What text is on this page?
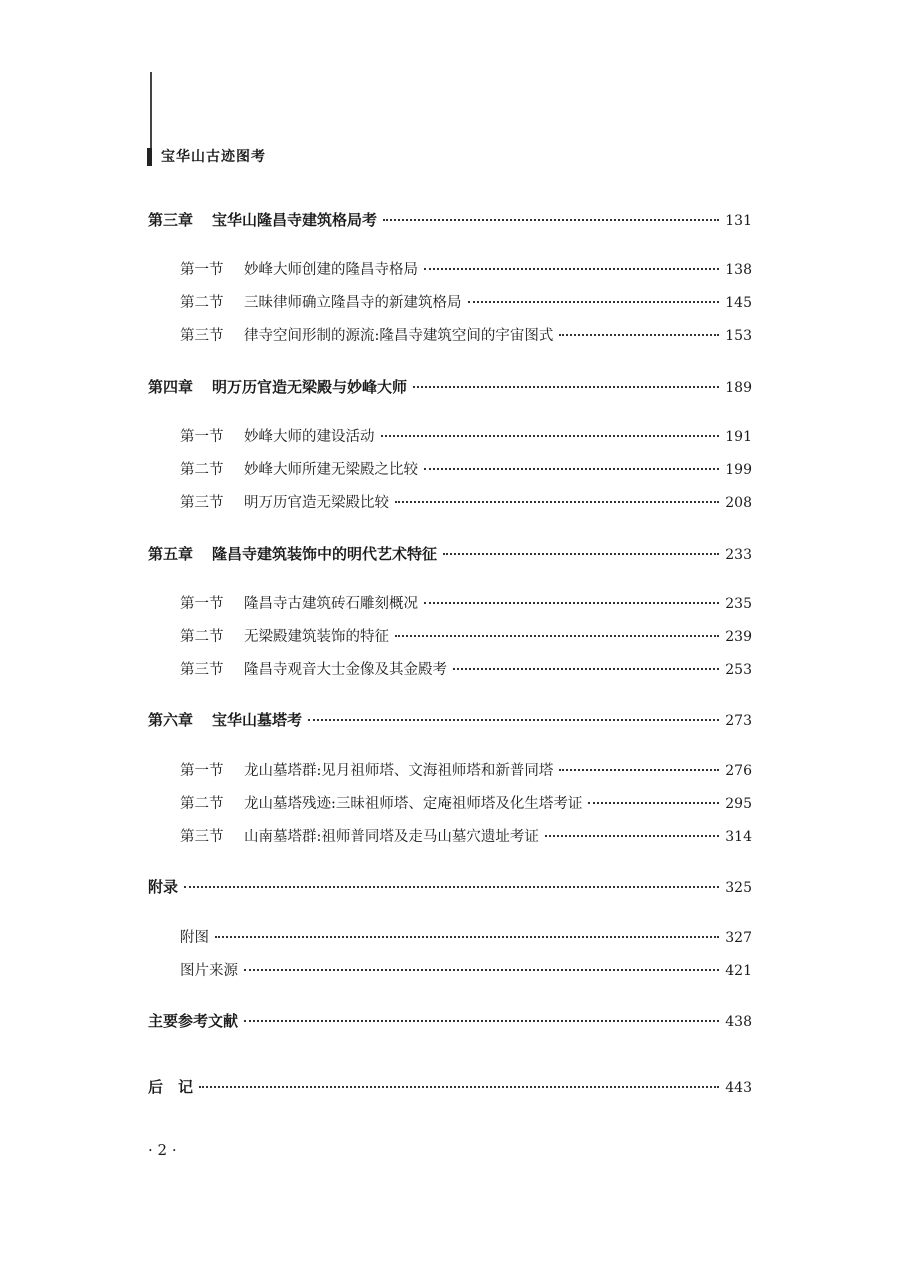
宝华山古迹图考
第三章 宝华山隆昌寺建筑格局考	131
第一节 妙峰大师创建的隆昌寺格局	138
第二节 三昧律师确立隆昌寺的新建筑格局	145
第三节 律寺空间形制的源流:隆昌寺建筑空间的宇宙图式	153
第四章 明万历官造无梁殿与妙峰大师	189
第一节 妙峰大师的建设活动	191
第二节 妙峰大师所建无梁殿之比较	199
第三节 明万历官造无梁殿比较	208
第五章 隆昌寺建筑装饰中的明代艺术特征	233
第一节 隆昌寺古建筑砖石雕刻概况	235
第二节 无梁殿建筑装饰的特征	239
第三节 隆昌寺观音大士金像及其金殿考	253
第六章 宝华山墓塔考	273
第一节 龙山墓塔群:见月祖师塔、文海祖师塔和新普同塔	276
第二节 龙山墓塔残迹:三昧祖师塔、定庵祖师塔及化生塔考证	295
第三节 山南墓塔群:祖师普同塔及走马山墓穴遗址考证	314
附录	325
附图	327
图片来源	421
主要参考文献	438
后　记	443
· 2 ·
